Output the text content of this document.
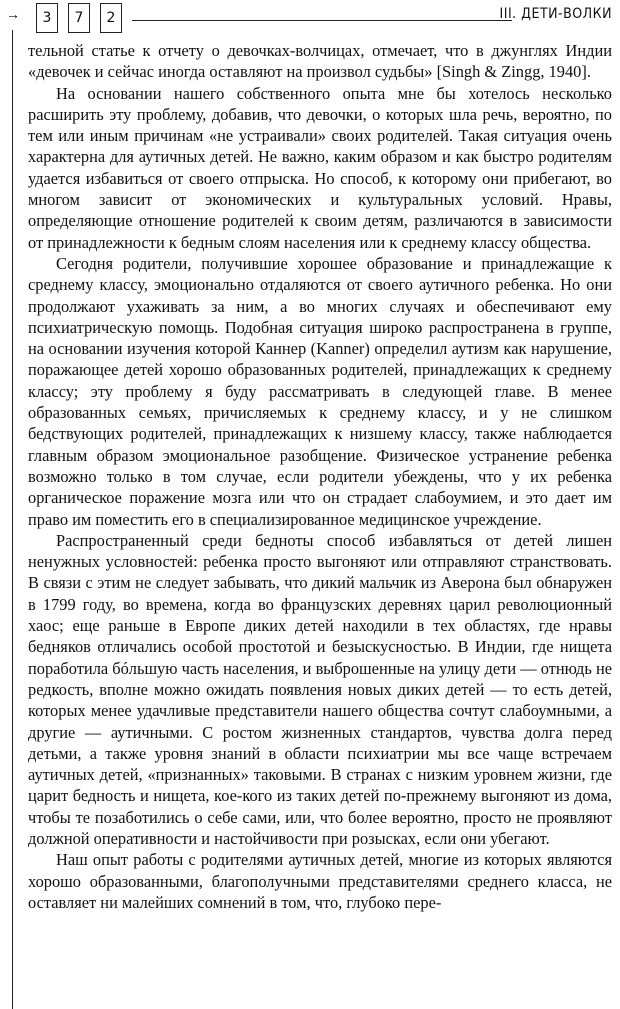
→	3	7	2	III. ДЕТИ-ВОЛКИ

тельной статье к отчету о девочках-волчицах, отмечает, что в джунглях Индии «девочек и сейчас иногда оставляют на произвол судьбы» [Singh & Zingg, 1940].

На основании нашего собственного опыта мне бы хотелось несколько расширить эту проблему, добавив, что девочки, о которых шла речь, вероятно, по тем или иным причинам «не устраивали» своих родителей. Такая ситуация очень характерна для аутичных детей. Не важно, каким образом и как быстро родителям удается избавиться от своего отпрыска. Но способ, к которому они прибегают, во многом зависит от экономических и культуральных условий. Нравы, определяющие отношение родителей к своим детям, различаются в зависимости от принадлежности к бедным слоям населения или к среднему классу общества.

Сегодня родители, получившие хорошее образование и принадлежащие к среднему классу, эмоционально отдаляются от своего аутичного ребенка. Но они продолжают ухаживать за ним, а во многих случаях и обеспечивают ему психиатрическую помощь. Подобная ситуация широко распространена в группе, на основании изучения которой Каннер (Kanner) определил аутизм как нарушение, поражающее детей хорошо образованных родителей, принадлежащих к среднему классу; эту проблему я буду рассматривать в следующей главе. В менее образованных семьях, причисляемых к среднему классу, и у не слишком бедствующих родителей, принадлежащих к низшему классу, также наблюдается главным образом эмоциональное разобщение. Физическое устранение ребенка возможно только в том случае, если родители убеждены, что у их ребенка органическое поражение мозга или что он страдает слабоумием, и это дает им право им поместить его в специализированное медицинское учреждение.

Распространенный среди бедноты способ избавляться от детей лишен ненужных условностей: ребенка просто выгоняют или отправляют странствовать. В связи с этим не следует забывать, что дикий мальчик из Аверона был обнаружен в 1799 году, во времена, когда во французских деревнях царил революционный хаос; еще раньше в Европе диких детей находили в тех областях, где нравы бедняков отличались особой простотой и безыскусностью. В Индии, где нищета поработила бóльшую часть населения, и выброшенные на улицу дети — отнюдь не редкость, вполне можно ожидать появления новых диких детей — то есть детей, которых менее удачливые представители нашего общества сочтут слабоумными, а другие — аутичными. С ростом жизненных стандартов, чувства долга перед детьми, а также уровня знаний в области психиатрии мы все чаще встречаем аутичных детей, «признанных» таковыми. В странах с низким уровнем жизни, где царит бедность и нищета, кое-кого из таких детей по-прежнему выгоняют из дома, чтобы те позаботились о себе сами, или, что более вероятно, просто не проявляют должной оперативности и настойчивости при розысках, если они убегают.

Наш опыт работы с родителями аутичных детей, многие из которых являются хорошо образованными, благополучными представителями среднего класса, не оставляет ни малейших сомнений в том, что, глубоко пере-
